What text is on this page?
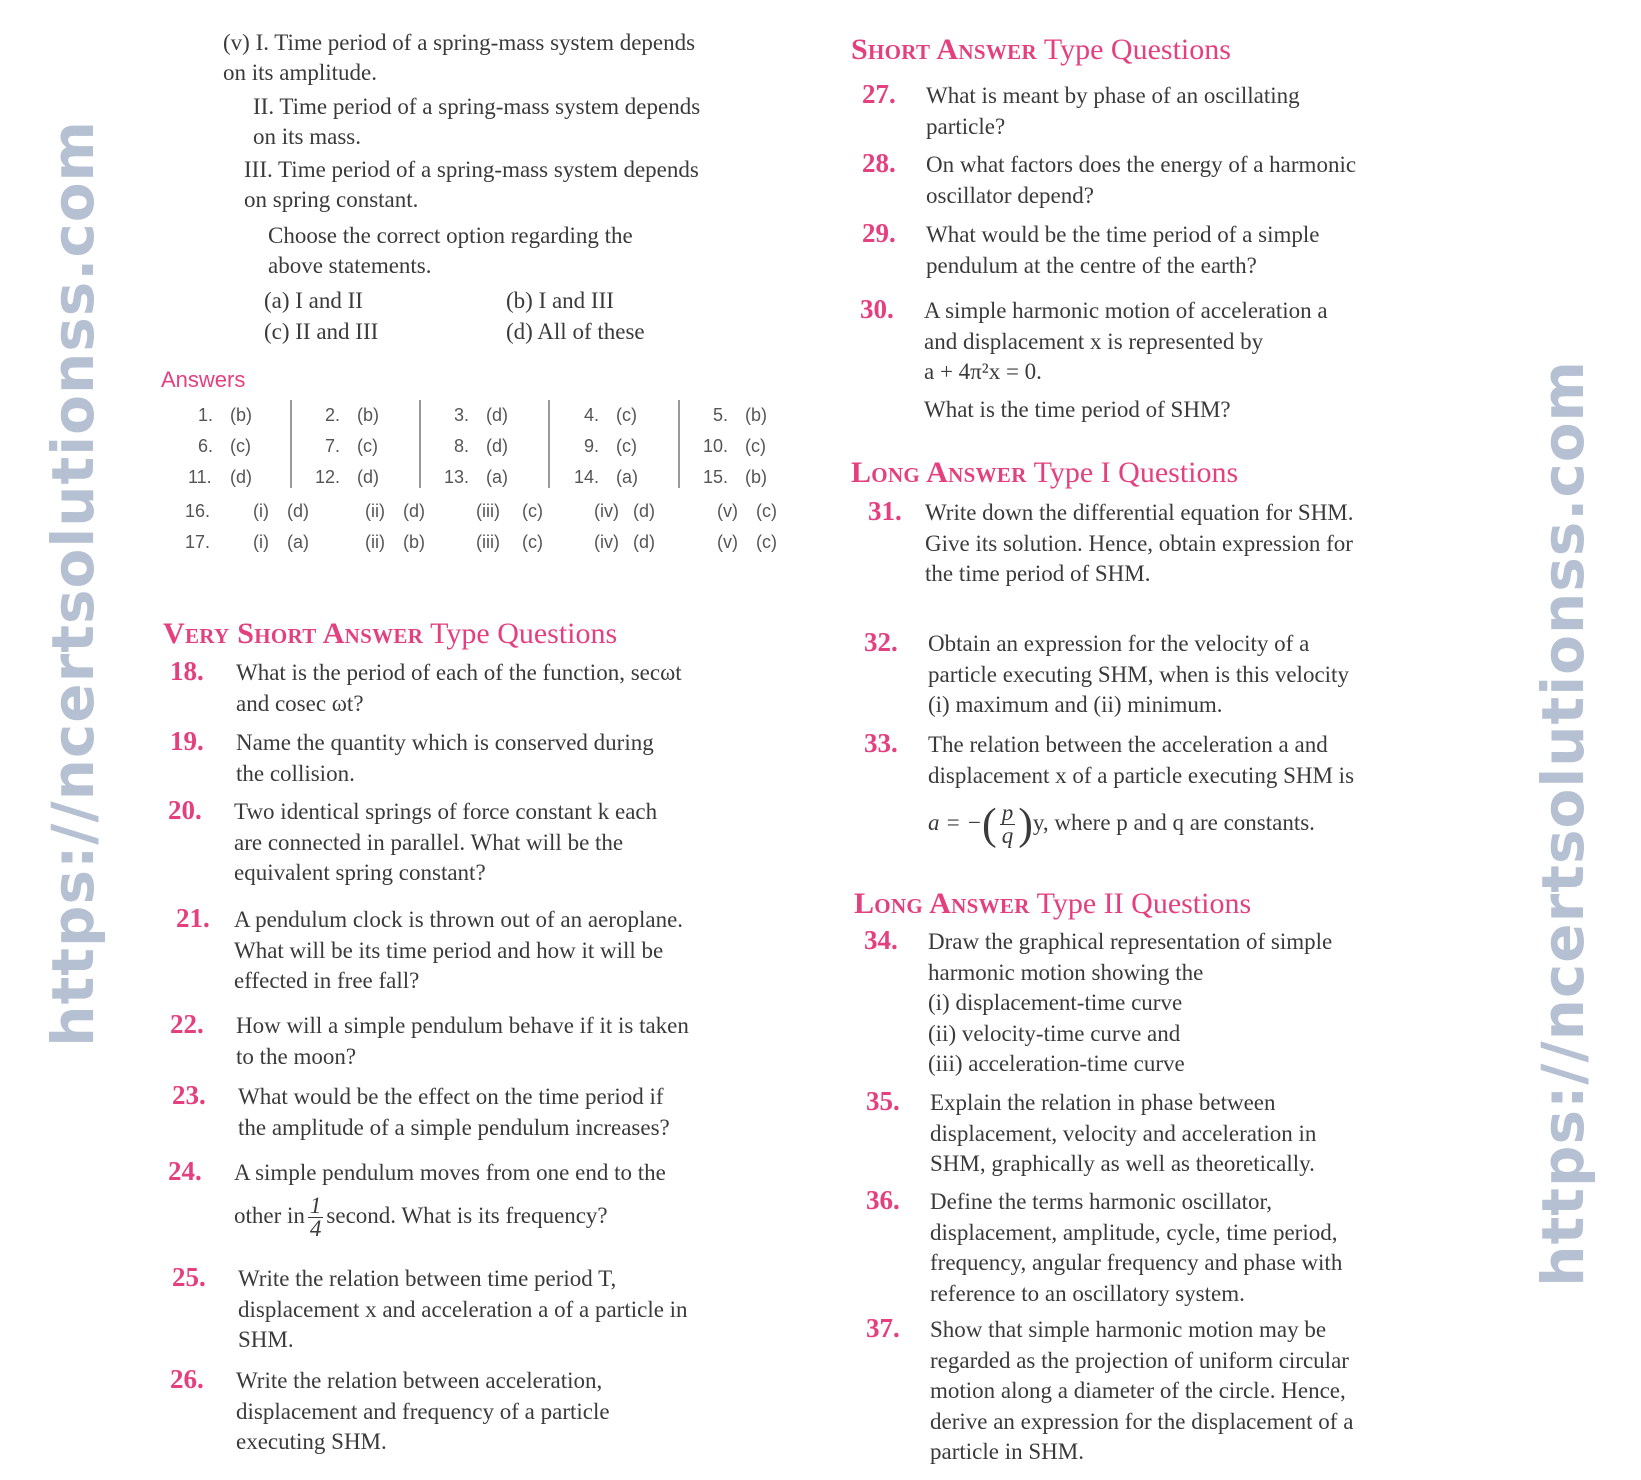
(v) I. Time period of a spring-mass system depends
on its amplitude.
II. Time period of a spring-mass system depends
on its mass.
III. Time period of a spring-mass system depends
on spring constant.
Choose the correct option regarding the
above statements.
(a) I and II	(b) I and III
(c) II and III	(d) All of these
Answers
1. (b)	2. (b)	3. (d)	4. (c)	5. (b)
6. (c)	7. (c)	8. (d)	9. (c)	10. (c)
11. (d)	12. (d)	13. (a)	14. (a)	15. (b)
16. (i) (d)	(ii) (d)	(iii) (c)	(iv) (d)	(v) (c)
17. (i) (a)	(ii) (b)	(iii) (c)	(iv) (d)	(v) (c)
Very Short Answer Type Questions
18. What is the period of each of the function, secωt
and cosec ωt?
19. Name the quantity which is conserved during
the collision.
20. Two identical springs of force constant k each
are connected in parallel. What will be the
equivalent spring constant?
21. A pendulum clock is thrown out of an aeroplane.
What will be its time period and how it will be
effected in free fall?
22. How will a simple pendulum behave if it is taken
to the moon?
23. What would be the effect on the time period if
the amplitude of a simple pendulum increases?
24. A simple pendulum moves from one end to the
other in $\frac{1}{4}$ second. What is its frequency?
25. Write the relation between time period T,
displacement x and acceleration a of a particle in
SHM.
26. Write the relation between acceleration,
displacement and frequency of a particle
executing SHM.
Short Answer Type Questions
27. What is meant by phase of an oscillating
particle?
28. On what factors does the energy of a harmonic
oscillator depend?
29. What would be the time period of a simple
pendulum at the centre of the earth?
30. A simple harmonic motion of acceleration a
and displacement x is represented by
a + 4π²x = 0.
What is the time period of SHM?
Long Answer Type I Questions
31. Write down the differential equation for SHM.
Give its solution. Hence, obtain expression for
the time period of SHM.
32. Obtain an expression for the velocity of a
particle executing SHM, when is this velocity
(i) maximum and (ii) minimum.
33. The relation between the acceleration a and
displacement x of a particle executing SHM is
a = −( $\frac{p}{q} )y$, where p and q are constants.
Long Answer Type II Questions
34. Draw the graphical representation of simple
harmonic motion showing the
(i) displacement-time curve
(ii) velocity-time curve and
(iii) acceleration-time curve
35. Explain the relation in phase between
displacement, velocity and acceleration in
SHM, graphically as well as theoretically.
36. Define the terms harmonic oscillator,
displacement, amplitude, cycle, time period,
frequency, angular frequency and phase with
reference to an oscillatory system.
37. Show that simple harmonic motion may be
regarded as the projection of uniform circular
motion along a diameter of the circle. Hence,
derive an expression for the displacement of a
particle in SHM.
https://ncertsolutionss.com	https://ncertsolutionss.com
